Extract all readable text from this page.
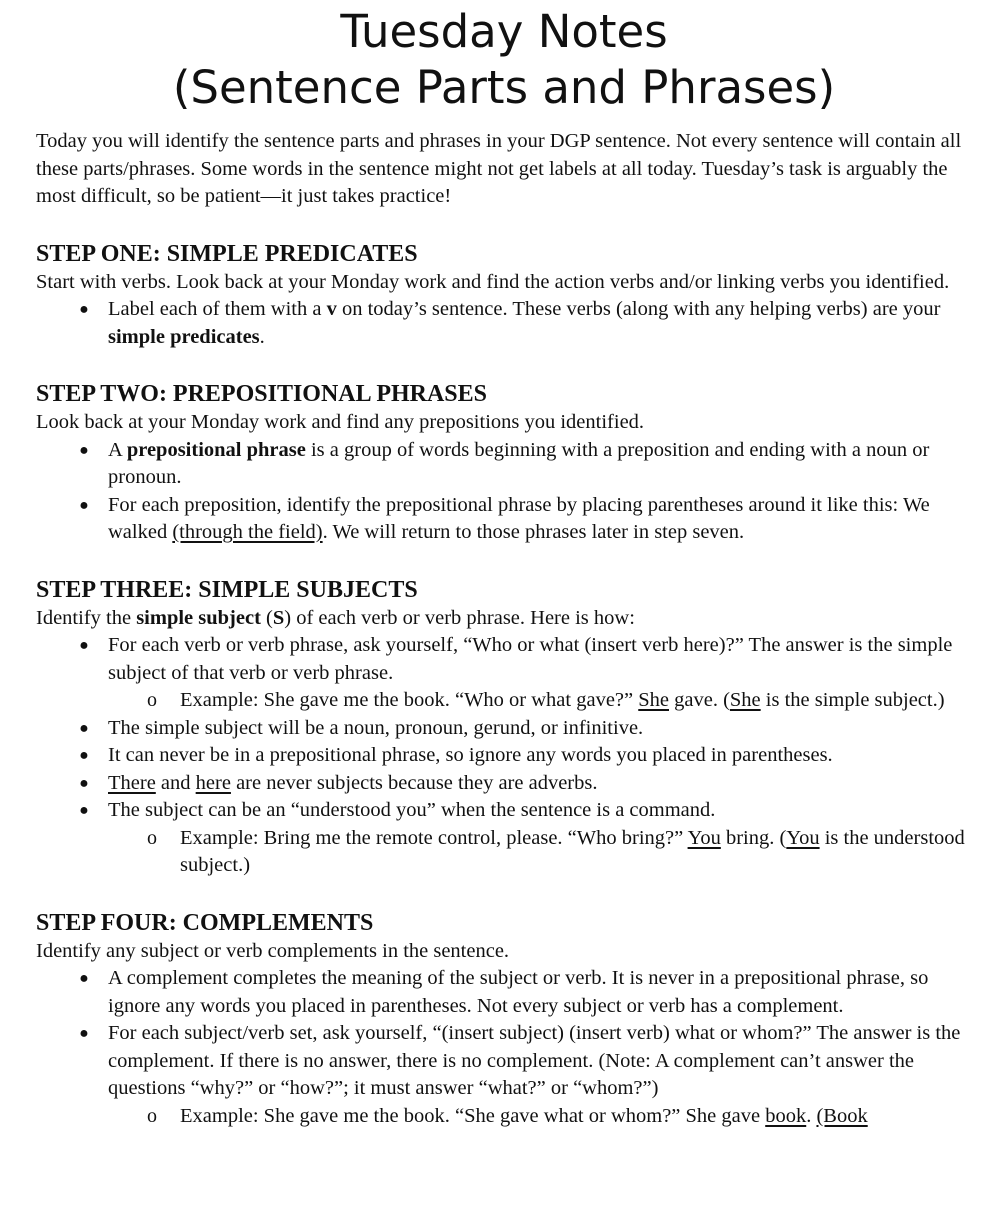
Tuesday Notes
(Sentence Parts and Phrases)

Today you will identify the sentence parts and phrases in your DGP sentence. Not every sentence will contain all these parts/phrases. Some words in the sentence might not get labels at all today. Tuesday’s task is arguably the most difficult, so be patient—it just takes practice!

STEP ONE: SIMPLE PREDICATES

Start with verbs. Look back at your Monday work and find the action verbs and/or linking verbs you identified.

● Label each of them with a v on today’s sentence. These verbs (along with any helping verbs) are your simple predicates.
STEP TWO: PREPOSITIONAL PHRASES

Look back at your Monday work and find any prepositions you identified.

● A prepositional phrase is a group of words beginning with a preposition and ending with a noun or pronoun.
● For each preposition, identify the prepositional phrase by placing parentheses around it like this: We walked (through the field). We will return to those phrases later in step seven.
STEP THREE: SIMPLE SUBJECTS

Identify the simple subject (S) of each verb or verb phrase. Here is how:

● For each verb or verb phrase, ask yourself, “Who or what (insert verb here)?” The answer is the simple subject of that verb or verb phrase.
o Example: She gave me the book. “Who or what gave?” She gave. (She is the simple subject.)
● The simple subject will be a noun, pronoun, gerund, or infinitive.
● It can never be in a prepositional phrase, so ignore any words you placed in parentheses.
● There and here are never subjects because they are adverbs.
● The subject can be an “understood you” when the sentence is a command.
o Example: Bring me the remote control, please. “Who bring?” You bring. (You is the understood subject.)
STEP FOUR: COMPLEMENTS

Identify any subject or verb complements in the sentence.

● A complement completes the meaning of the subject or verb. It is never in a prepositional phrase, so ignore any words you placed in parentheses. Not every subject or verb has a complement.
● For each subject/verb set, ask yourself, “(insert subject) (insert verb) what or whom?” The answer is the complement. If there is no answer, there is no complement. (Note: A complement can’t answer the questions “why?” or “how?”; it must answer “what?” or “whom?”)
o Example: She gave me the book. “She gave what or whom?” She gave book. (Book
